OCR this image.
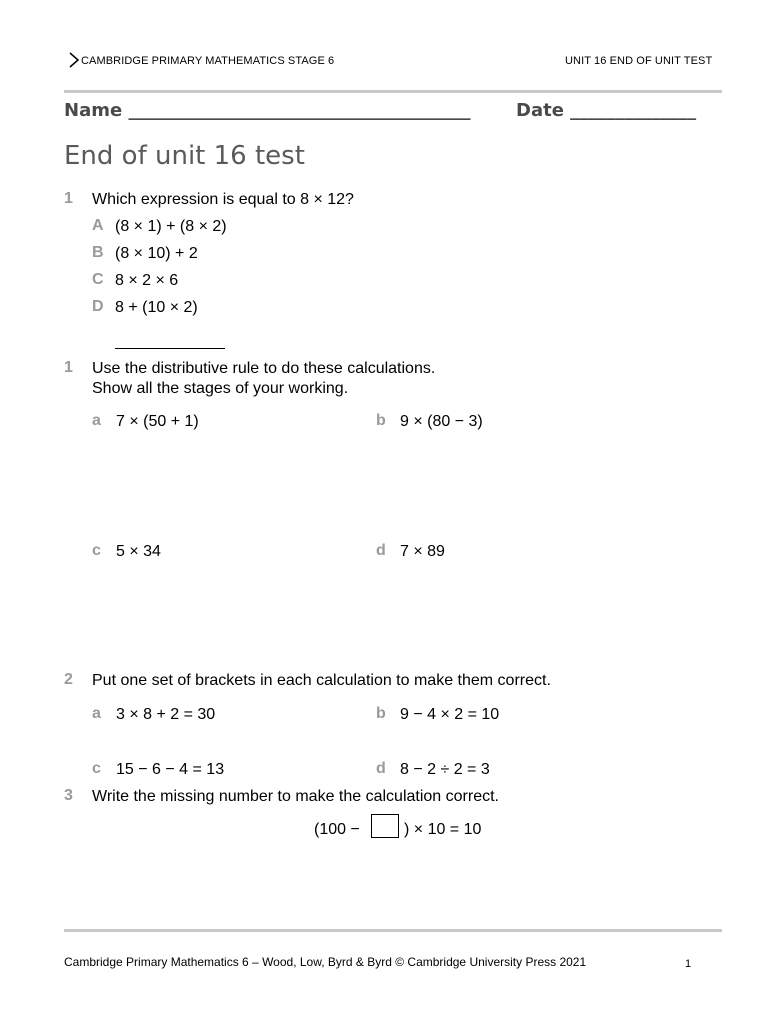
CAMBRIDGE PRIMARY MATHEMATICS STAGE 6	UNIT 16 END OF UNIT TEST
Name ______________________________________	Date ______________
End of unit 16 test
1 Which expression is equal to 8 × 12?
A (8 × 1) + (8 × 2)
B (8 × 10) + 2
C 8 × 2 × 6
D 8 + (10 × 2)
1 Use the distributive rule to do these calculations.
Show all the stages of your working.
a 7 × (50 + 1)	b 9 × (80 − 3)
c 5 × 34	d 7 × 89
2 Put one set of brackets in each calculation to make them correct.
a 3 × 8 + 2 = 30	b 9 − 4 × 2 = 10
c 15 − 6 − 4 = 13	d 8 − 2 ÷ 2 = 3
3 Write the missing number to make the calculation correct.
(100 −	) × 10 = 10
Cambridge Primary Mathematics 6 – Wood, Low, Byrd & Byrd © Cambridge University Press 2021	1
